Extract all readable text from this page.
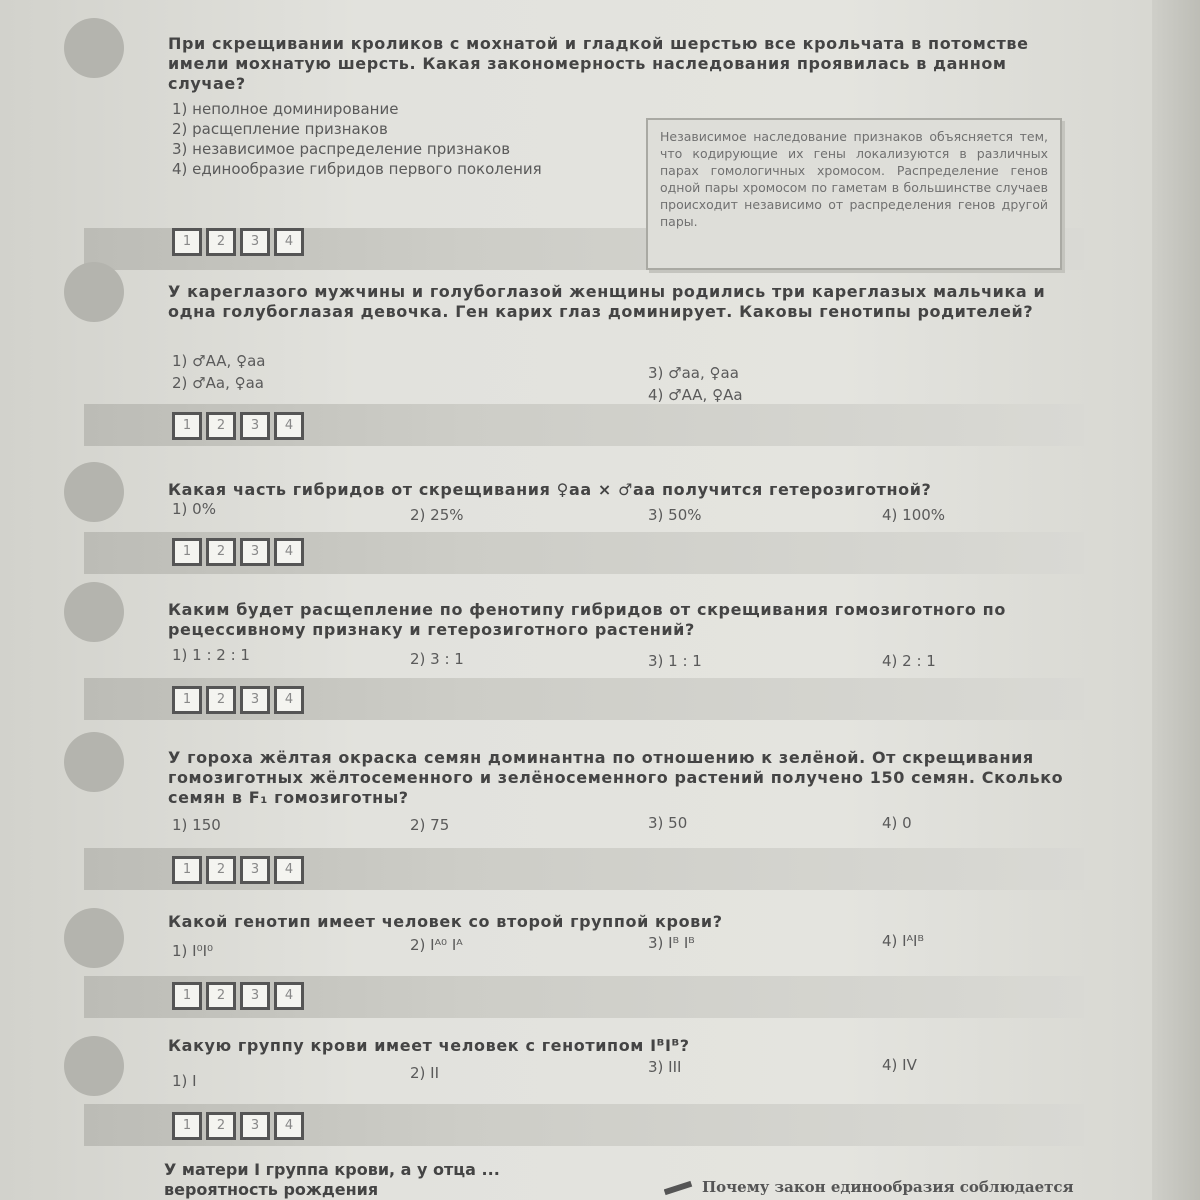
При скрещивании кроликов с мохнатой и гладкой шерстью все крольчата в потомстве имели мохнатую шерсть. Какая закономерность наследования проявилась в данном случае?
1) неполное доминирование
2) расщепление признаков
3) независимое распределение признаков
4) единообразие гибридов первого поколения
1	2	3	4
Независимое наследование признаков объясняется тем, что кодирующие их гены локализуются в различных парах гомологичных хромосом. Распределение генов одной пары хромосом по гаметам в большинстве случаев происходит независимо от распределения генов другой пары.
У кареглазого мужчины и голубоглазой женщины родились три кареглазых мальчика и одна голубоглазая девочка. Ген карих глаз доминирует. Каковы генотипы родителей?
1) ♂AA, ♀aa
2) ♂Aa, ♀aa
3) ♂aa, ♀aa
4) ♂AA, ♀Aa
1	2	3	4
Какая часть гибридов от скрещивания ♀aa × ♂aa получится гетерозиготной?
1) 0%	2) 25%	3) 50%	4) 100%
1	2	3	4
Каким будет расщепление по фенотипу гибридов от скрещивания гомозиготного по рецессивному признаку и гетерозиготного растений?
1) 1 : 2 : 1	2) 3 : 1	3) 1 : 1	4) 2 : 1
1	2	3	4
У гороха жёлтая окраска семян доминантна по отношению к зелёной. От скрещивания гомозиготных жёлтосеменного и зелёносеменного растений получено 150 семян. Сколько семян в F₁ гомозиготны?
1) 150	2) 75	3) 50	4) 0
1	2	3	4
Какой генотип имеет человек со второй группой крови?
1) I⁰I⁰	2) Iᴬ⁰ Iᴬ	3) Iᴮ Iᴮ	4) IᴬIᴮ
1	2	3	4
Какую группу крови имеет человек с генотипом IᴮIᴮ?
1) I	2) II	3) III	4) IV
1	2	3	4
У матери I группа крови, а у отца ... вероятность рождения	Почему закон единообразия соблюдается
